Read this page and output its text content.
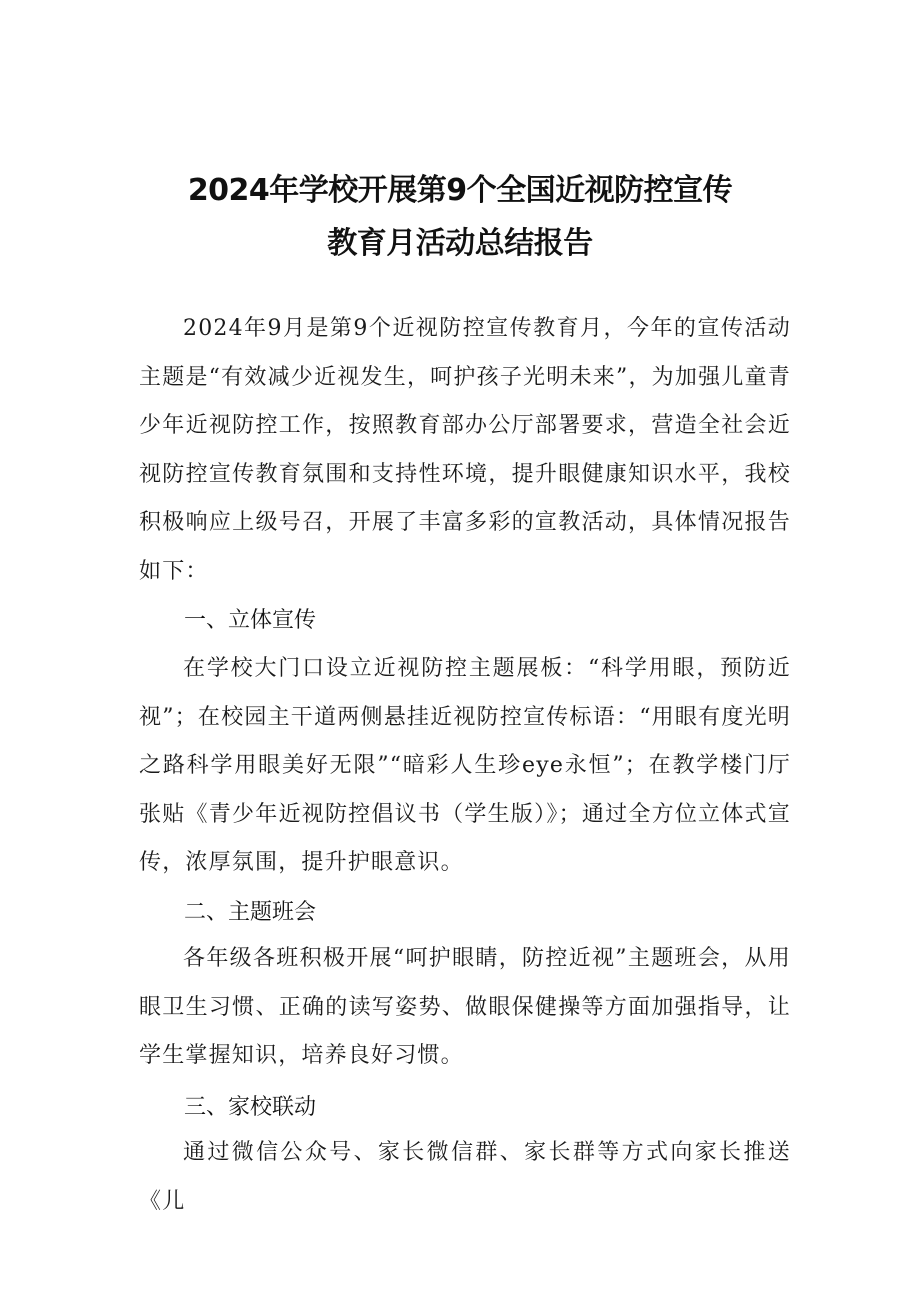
2024年学校开展第9个全国近视防控宣传
教育月活动总结报告

2024年9月是第9个近视防控宣传教育月，今年的宣传活动主题是“有效减少近视发生，呵护孩子光明未来”，为加强儿童青少年近视防控工作，按照教育部办公厅部署要求，营造全社会近视防控宣传教育氛围和支持性环境，提升眼健康知识水平，我校积极响应上级号召，开展了丰富多彩的宣教活动，具体情况报告如下：

一、立体宣传

在学校大门口设立近视防控主题展板：“科学用眼，预防近视”；在校园主干道两侧悬挂近视防控宣传标语：“用眼有度光明之路科学用眼美好无限”“暗彩人生珍eye永恒”；在教学楼门厅张贴《青少年近视防控倡议书（学生版）》；通过全方位立体式宣传，浓厚氛围，提升护眼意识。

二、主题班会

各年级各班积极开展“呵护眼睛，防控近视”主题班会，从用眼卫生习惯、正确的读写姿势、做眼保健操等方面加强指导，让学生掌握知识，培养良好习惯。

三、家校联动

通过微信公众号、家长微信群、家长群等方式向家长推送《儿
